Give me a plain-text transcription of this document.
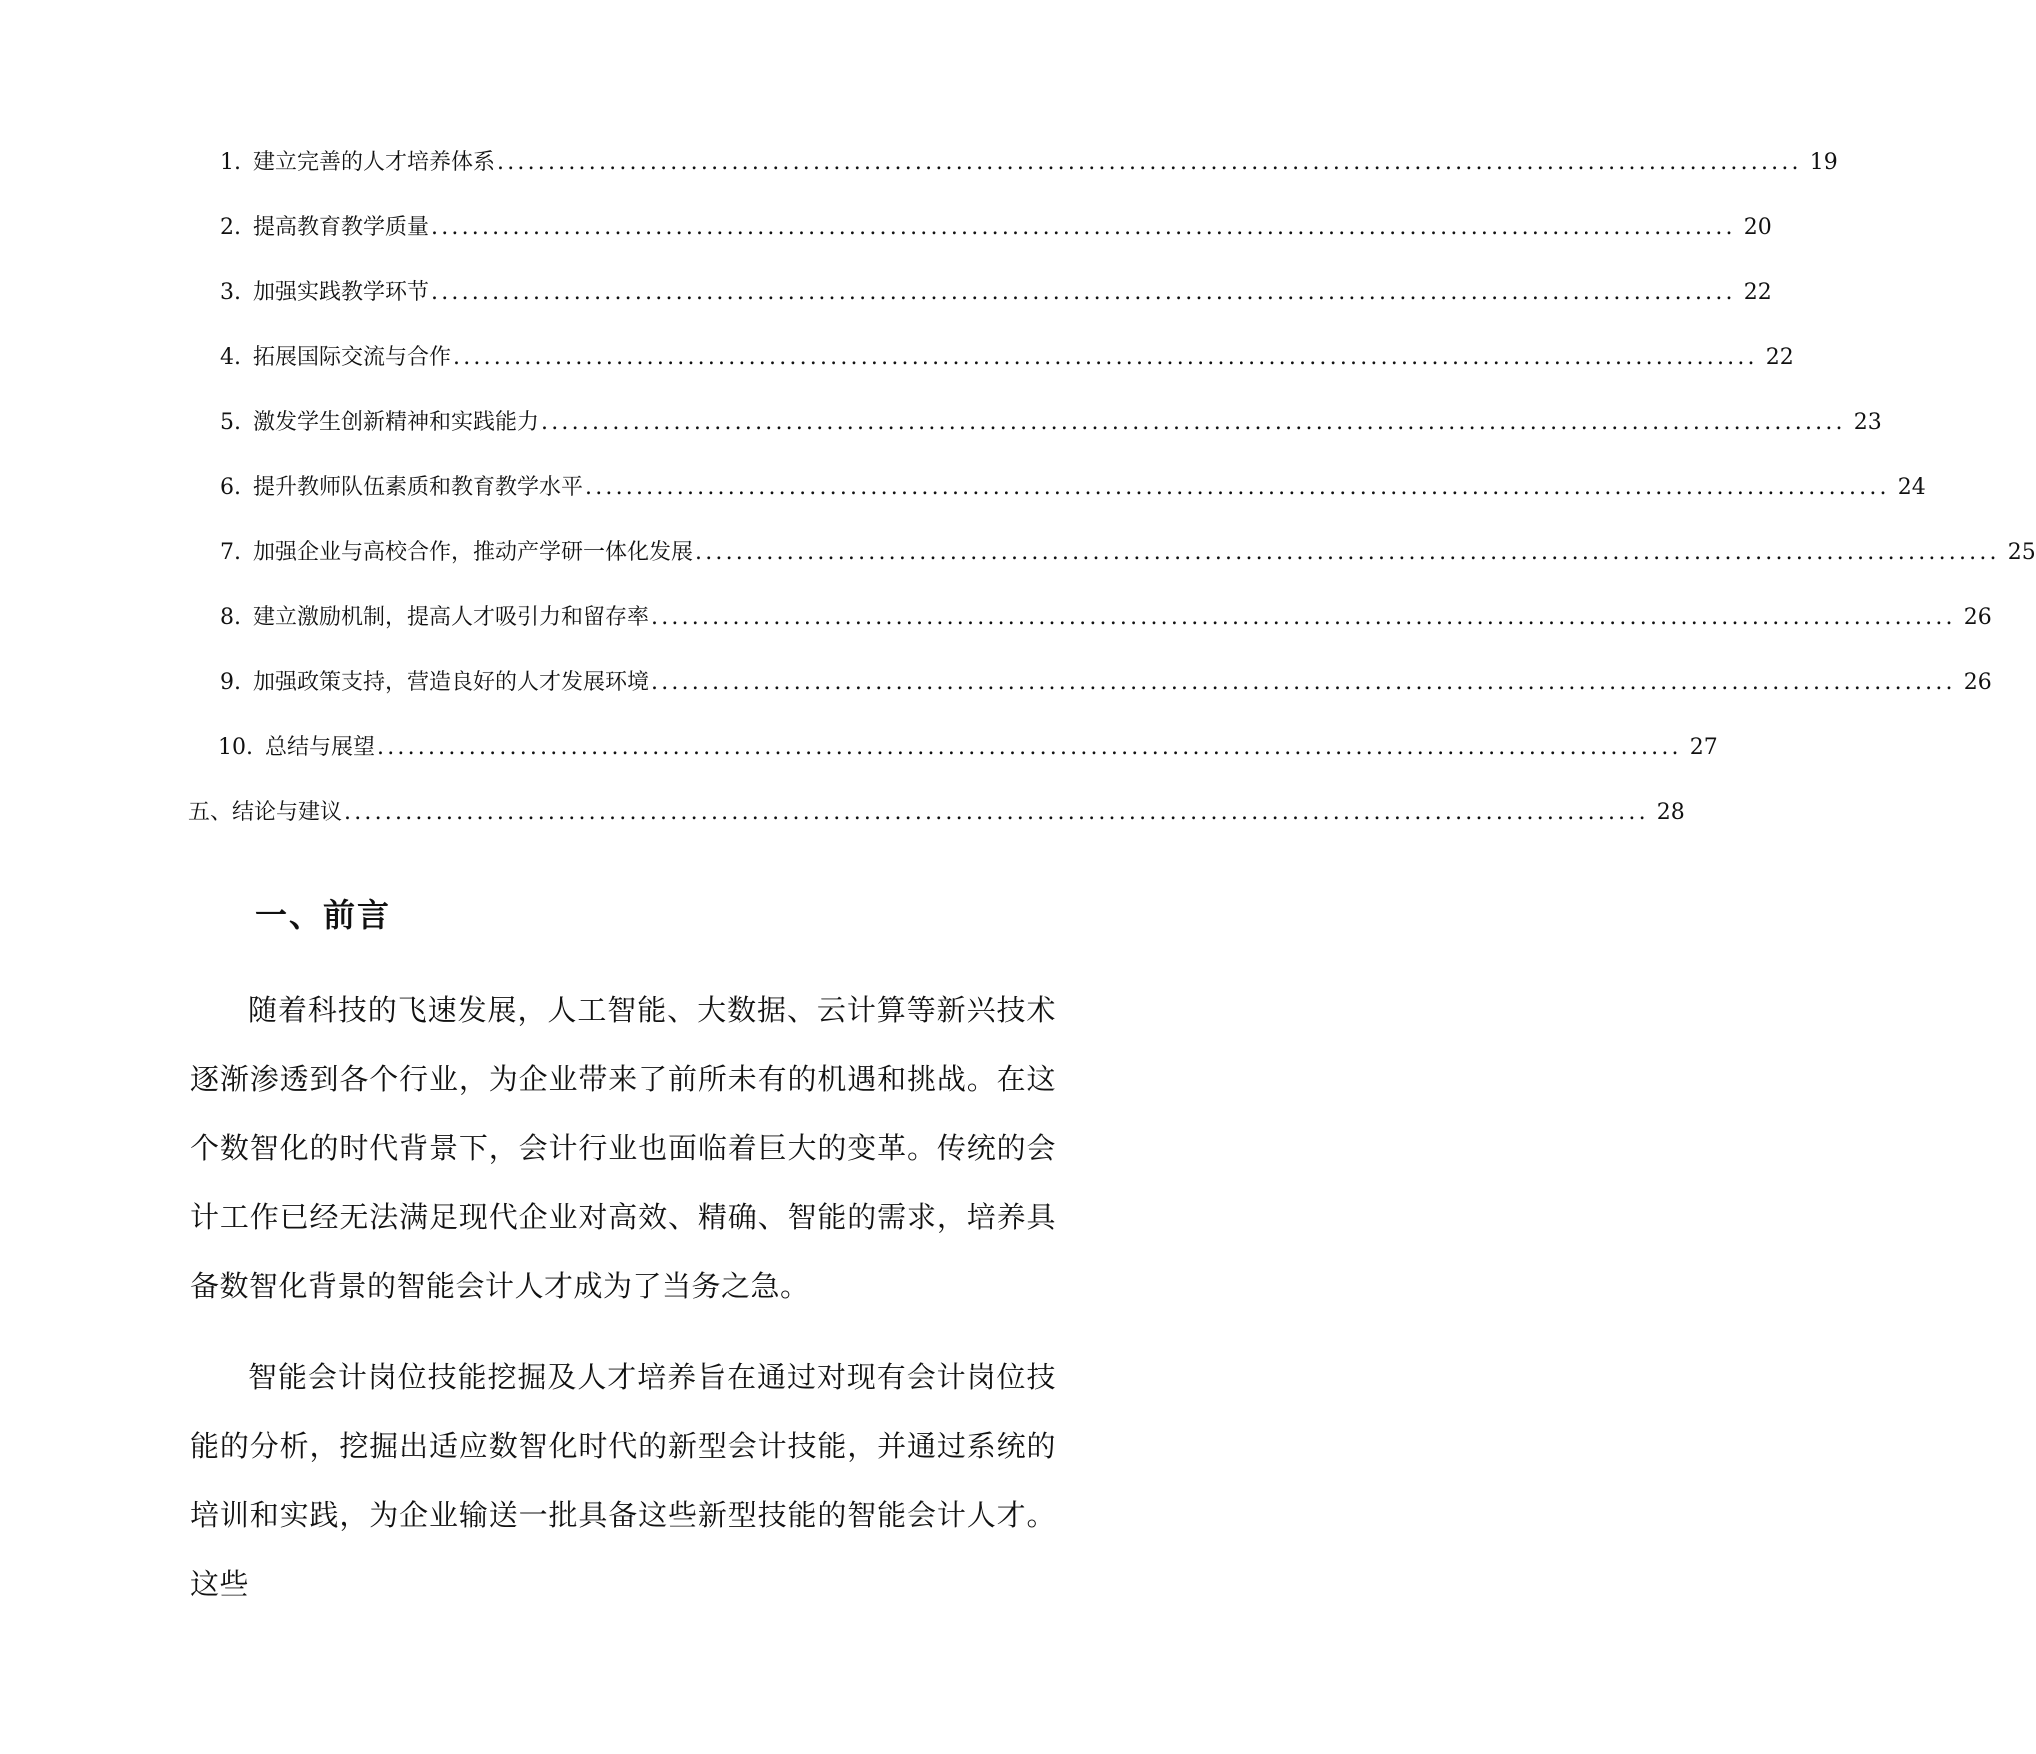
1. 建立完善的人才培养体系 ................................................................................................................................ 19
2. 提高教育教学质量 ................................................................................................................................ 20
3. 加强实践教学环节 ................................................................................................................................ 22
4. 拓展国际交流与合作 ................................................................................................................................ 22
5. 激发学生创新精神和实践能力 ................................................................................................................................ 23
6. 提升教师队伍素质和教育教学水平 ................................................................................................................................ 24
7. 加强企业与高校合作，推动产学研一体化发展 ................................................................................................................................ 25
8. 建立激励机制，提高人才吸引力和留存率 ................................................................................................................................ 26
9. 加强政策支持，营造良好的人才发展环境 ................................................................................................................................ 26
10. 总结与展望 ................................................................................................................................ 27
五、 结论与建议 ................................................................................................................................ 28
一、前言

随着科技的飞速发展，人工智能、大数据、云计算等新兴技术逐渐渗透到各个行业，为企业带来了前所未有的机遇和挑战。在这个数智化的时代背景下，会计行业也面临着巨大的变革。传统的会计工作已经无法满足现代企业对高效、精确、智能的需求，培养具备数智化背景的智能会计人才成为了当务之急。

智能会计岗位技能挖掘及人才培养旨在通过对现有会计岗位技能的分析，挖掘出适应数智化时代的新型会计技能，并通过系统的培训和实践，为企业输送一批具备这些新型技能的智能会计人才。这些
